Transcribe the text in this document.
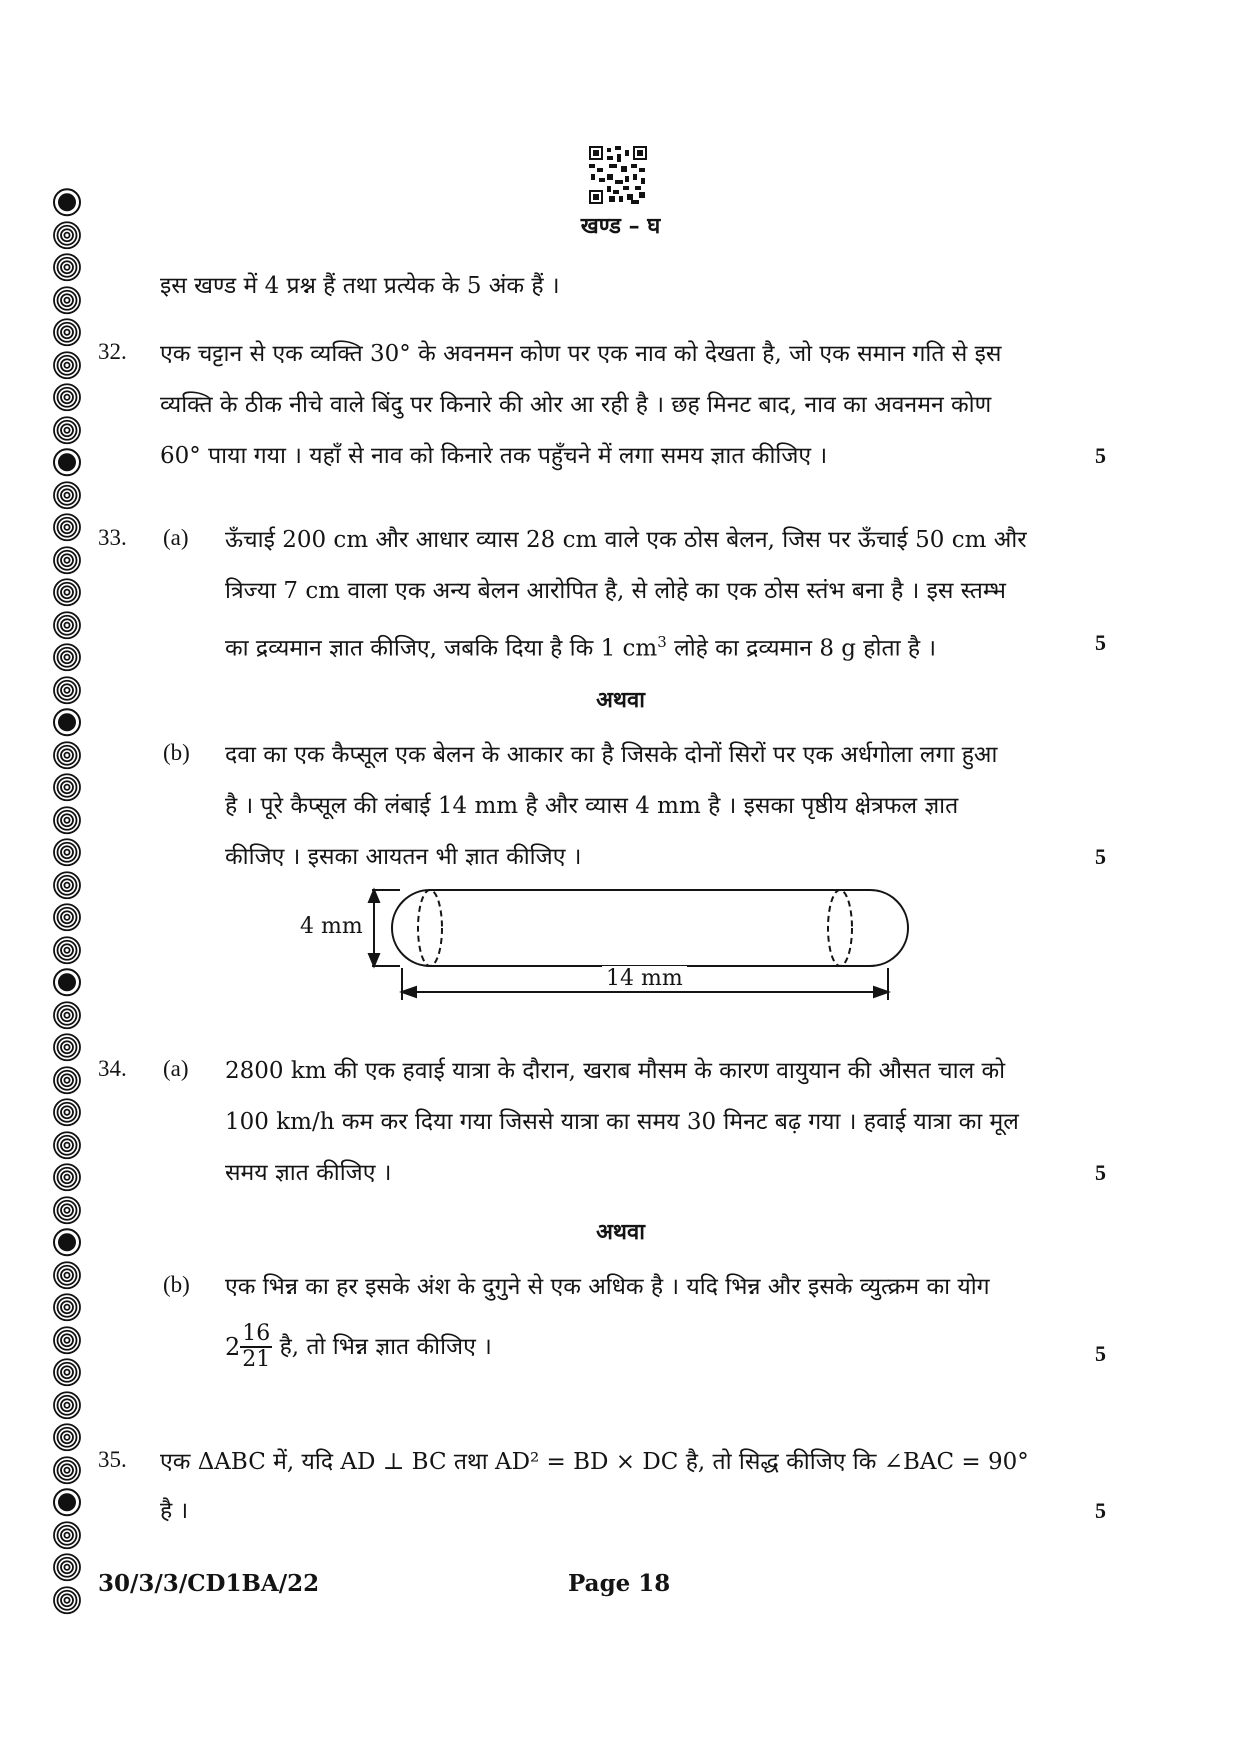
खण्ड – घ
इस खण्ड में 4 प्रश्न हैं तथा प्रत्येक के 5 अंक हैं ।
32. एक चट्टान से एक व्यक्ति 30° के अवनमन कोण पर एक नाव को देखता है, जो एक समान गति से इस
व्यक्ति के ठीक नीचे वाले बिंदु पर किनारे की ओर आ रही है । छह मिनट बाद, नाव का अवनमन कोण
60° पाया गया । यहाँ से नाव को किनारे तक पहुँचने में लगा समय ज्ञात कीजिए ।	5
33. (a) ऊँचाई 200 cm और आधार व्यास 28 cm वाले एक ठोस बेलन, जिस पर ऊँचाई 50 cm और
त्रिज्या 7 cm वाला एक अन्य बेलन आरोपित है, से लोहे का एक ठोस स्तंभ बना है । इस स्तम्भ
का द्रव्यमान ज्ञात कीजिए, जबकि दिया है कि 1 $cm^3$ लोहे का द्रव्यमान 8 g होता है ।	5
अथवा
(b) दवा का एक कैप्सूल एक बेलन के आकार का है जिसके दोनों सिरों पर एक अर्धगोला लगा हुआ
है । पूरे कैप्सूल की लंबाई 14 mm है और व्यास 4 mm है । इसका पृष्ठीय क्षेत्रफल ज्ञात
कीजिए । इसका आयतन भी ज्ञात कीजिए ।	5
4 mm
14 mm
34. (a) 2800 km की एक हवाई यात्रा के दौरान, खराब मौसम के कारण वायुयान की औसत चाल को
100 km/h कम कर दिया गया जिससे यात्रा का समय 30 मिनट बढ़ गया । हवाई यात्रा का मूल
समय ज्ञात कीजिए ।	5
अथवा
(b) एक भिन्न का हर इसके अंश के दुगुने से एक अधिक है । यदि भिन्न और इसके व्युत्क्रम का योग
$2 \frac{16}{21}$ है, तो भिन्न ज्ञात कीजिए ।	5
35. एक ΔABC में, यदि AD ⊥ BC तथा AD² = BD × DC है, तो सिद्ध कीजिए कि ∠BAC = 90°
है ।	5
30/3/3/CD1BA/22	Page 18
